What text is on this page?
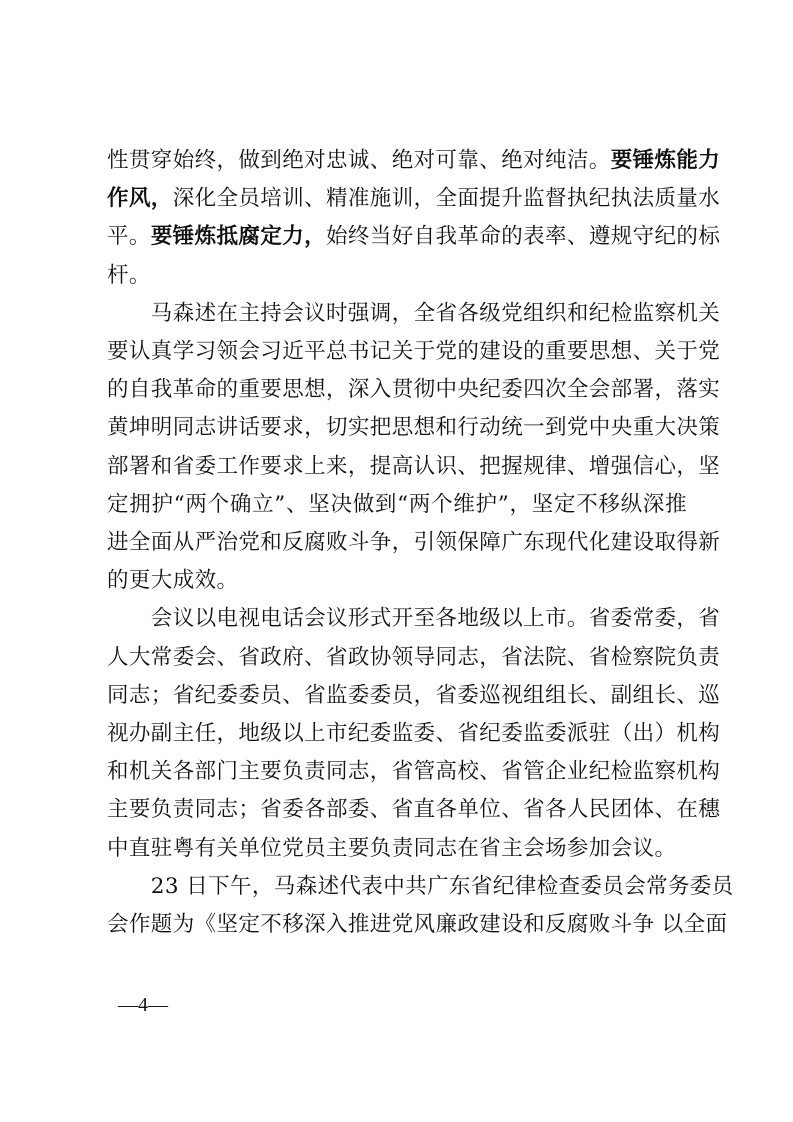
性贯穿始终，做到绝对忠诚、绝对可靠、绝对纯洁。要锤炼能力
作风，深化全员培训、精准施训，全面提升监督执纪执法质量水
平。要锤炼抵腐定力，始终当好自我革命的表率、遵规守纪的标
杆。
　　马森述在主持会议时强调，全省各级党组织和纪检监察机关
要认真学习领会习近平总书记关于党的建设的重要思想、关于党
的自我革命的重要思想，深入贯彻中央纪委四次全会部署，落实
黄坤明同志讲话要求，切实把思想和行动统一到党中央重大决策
部署和省委工作要求上来，提高认识、把握规律、增强信心，坚
定拥护“两个确立”、坚决做到“两个维护”，坚定不移纵深推
进全面从严治党和反腐败斗争，引领保障广东现代化建设取得新
的更大成效。
　　会议以电视电话会议形式开至各地级以上市。省委常委，省
人大常委会、省政府、省政协领导同志，省法院、省检察院负责
同志；省纪委委员、省监委委员，省委巡视组组长、副组长、巡
视办副主任，地级以上市纪委监委、省纪委监委派驻（出）机构
和机关各部门主要负责同志，省管高校、省管企业纪检监察机构
主要负责同志；省委各部委、省直各单位、省各人民团体、在穗
中直驻粤有关单位党员主要负责同志在省主会场参加会议。
　　23 日下午，马森述代表中共广东省纪律检查委员会常务委员
会作题为《坚定不移深入推进党风廉政建设和反腐败斗争 以全面
—4—
